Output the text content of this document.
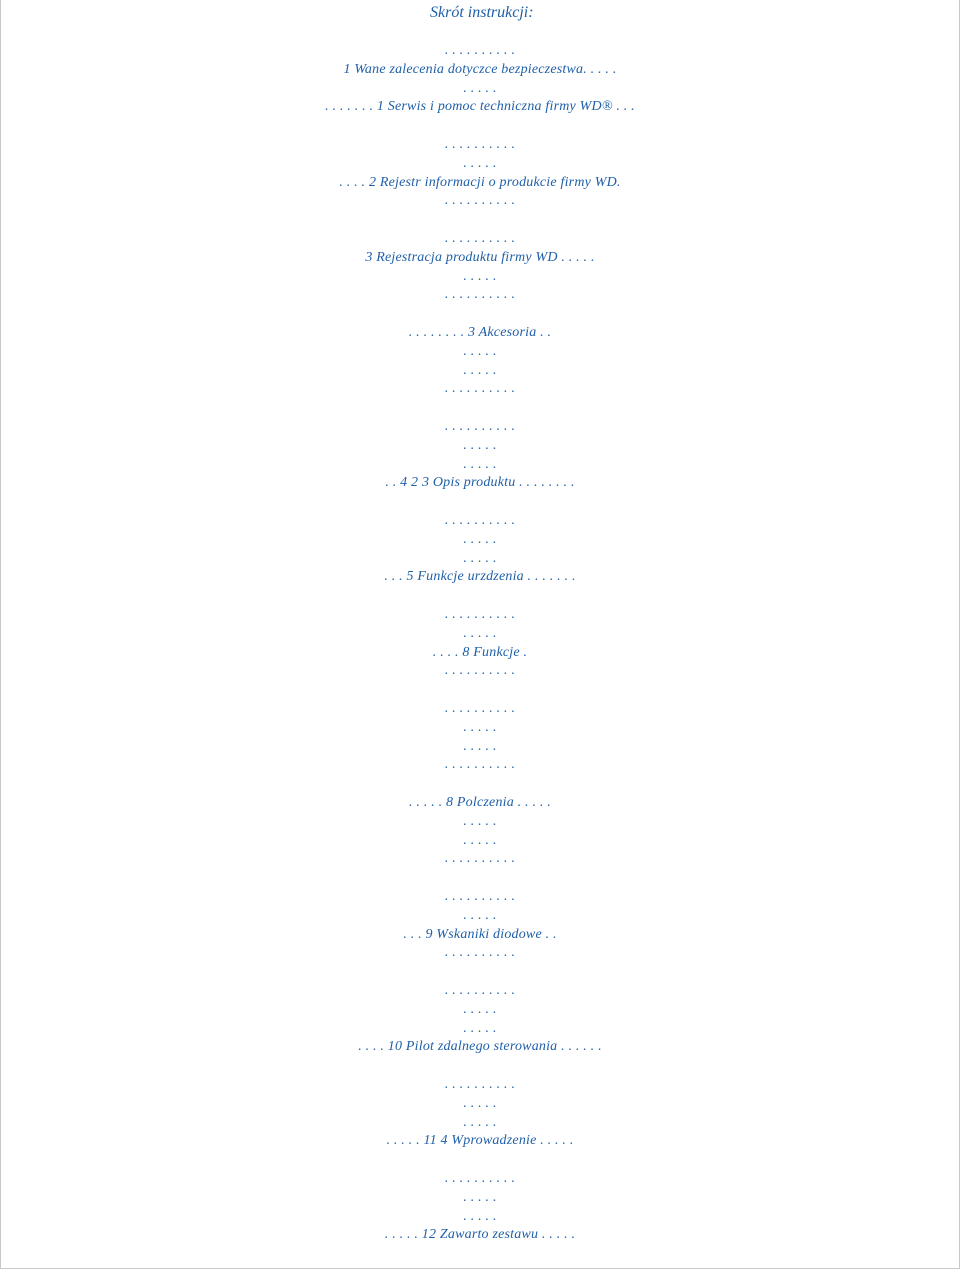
Skrót instrukcji:
. . . . . . . . . .
1 Wane zalecenia dotyczce bezpieczestwa. . . . .
. . . . .
. . . . . . . 1 Serwis i pomoc techniczna firmy WD® . . .
. . . . . . . . . .
. . . . .
. . . . 2 Rejestr informacji o produkcie firmy WD.
. . . . . . . . . .
. . . . . . . . . .
3 Rejestracja produktu firmy WD . . . . .
. . . . .
. . . . . . . . . .
. . . . . . . . 3 Akcesoria . .
. . . . .
. . . . .
. . . . . . . . . .
. . . . . . . . . .
. . . . .
. . . . .
. . 4 2 3 Opis produktu . . . . . . . .
. . . . . . . . . .
. . . . .
. . . . .
. . . 5 Funkcje urzdzenia . . . . . . .
. . . . . . . . . .
. . . . .
. . . . 8 Funkcje .
. . . . . . . . . .
. . . . . . . . . .
. . . . .
. . . . .
. . . . . . . . . .
. . . . . 8 Polczenia . . . . .
. . . . .
. . . . .
. . . . . . . . . .
. . . . . . . . . .
. . . . .
. . . 9 Wskaniki diodowe . .
. . . . . . . . . .
. . . . . . . . . .
. . . . .
. . . . .
. . . . 10 Pilot zdalnego sterowania . . . . . .
. . . . . . . . . .
. . . . .
. . . . .
. . . . . 11 4 Wprowadzenie . . . . .
. . . . . . . . . .
. . . . .
. . . . .
. . . . . 12 Zawarto zestawu . . . . .
